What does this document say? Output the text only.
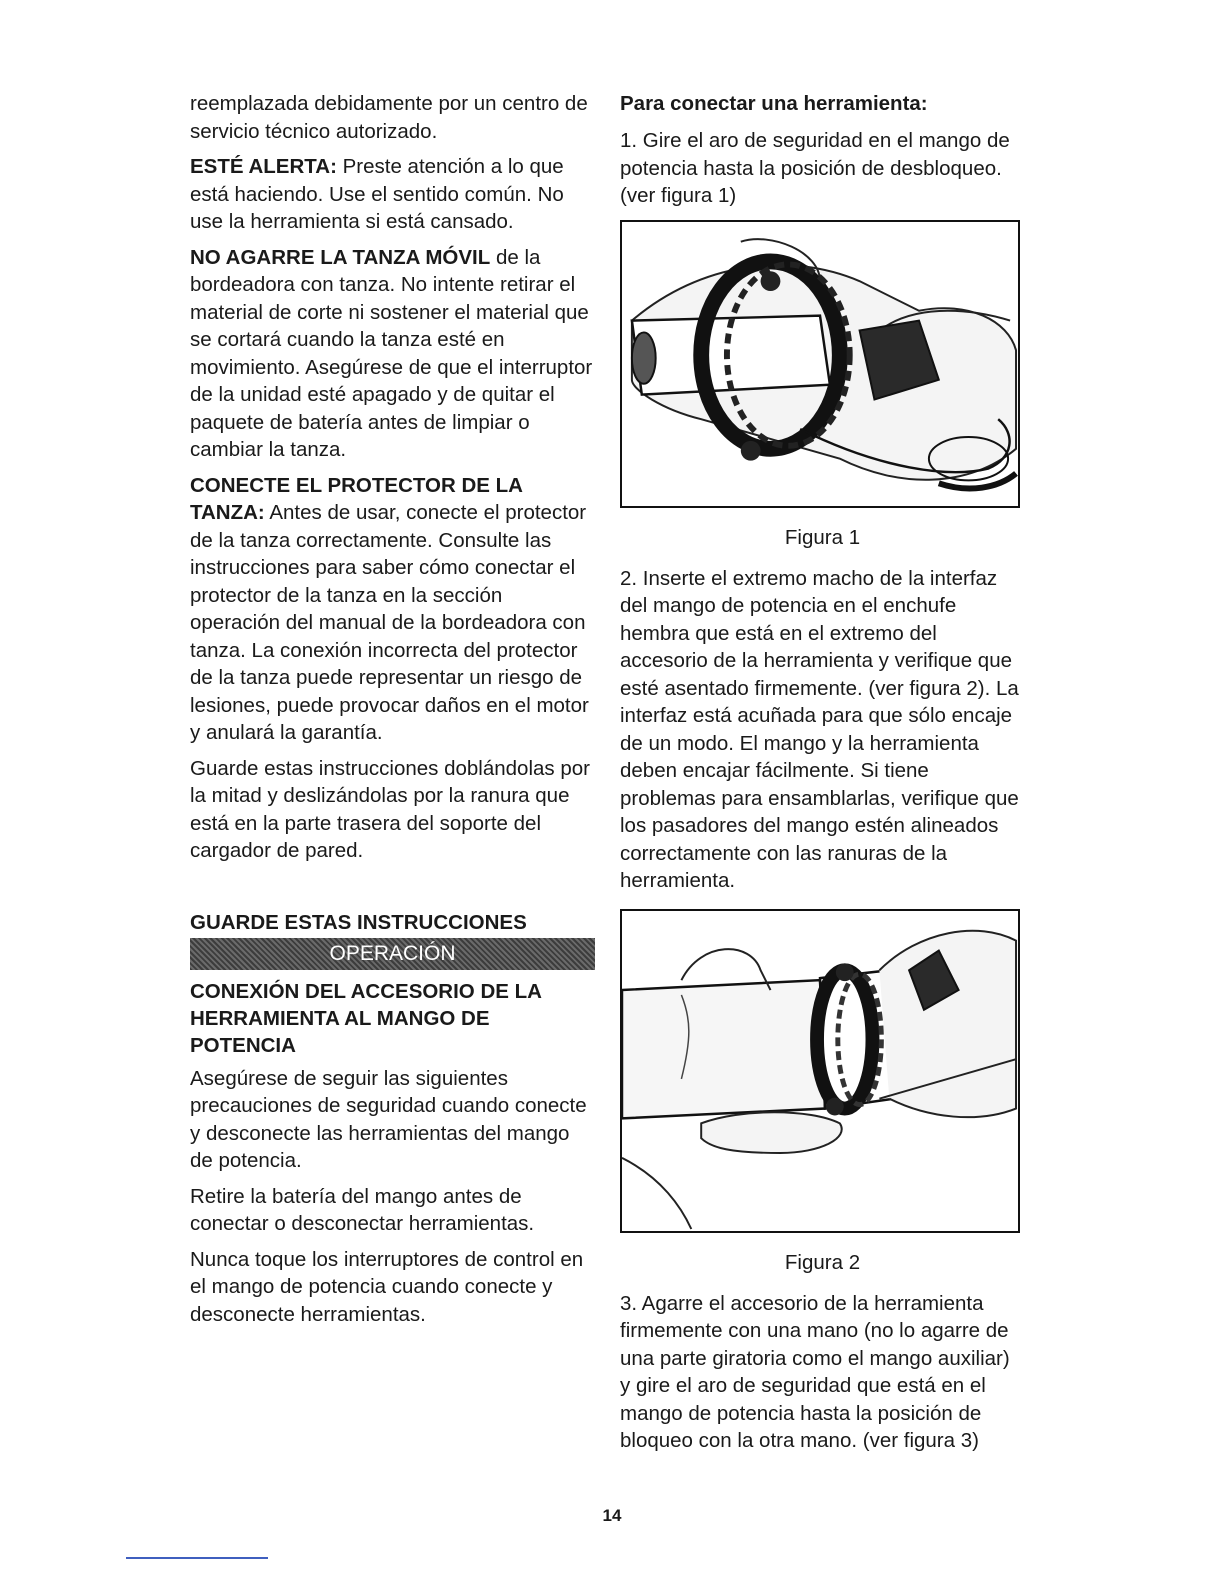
reemplazada debidamente por un centro de servicio técnico autorizado.

ESTÉ ALERTA: Preste atención a lo que está haciendo. Use el sentido común. No use la herramienta si está cansado.

NO AGARRE LA TANZA MÓVIL de la bordeadora con tanza. No intente retirar el material de corte ni sostener el material que se cortará cuando la tanza esté en movimiento. Asegúrese de que el interruptor de la unidad esté apagado y de quitar el paquete de batería antes de limpiar o cambiar la tanza.

CONECTE EL PROTECTOR DE LA TANZA: Antes de usar, conecte el protector de la tanza correctamente. Consulte las instrucciones para saber cómo conectar el protector de la tanza en la sección operación del manual de la bordeadora con tanza. La conexión incorrecta del protector de la tanza puede representar un riesgo de lesiones, puede provocar daños en el motor y anulará la garantía.

Guarde estas instrucciones doblándolas por la mitad y deslizándolas por la ranura que está en la parte trasera del soporte del cargador de pared.

GUARDE ESTAS INSTRUCCIONES
OPERACIÓN
CONEXIÓN DEL ACCESORIO DE LA HERRAMIENTA AL MANGO DE POTENCIA

Asegúrese de seguir las siguientes precauciones de seguridad cuando conecte y desconecte las herramientas del mango de potencia.

Retire la batería del mango antes de conectar o desconectar herramientas.

Nunca toque los interruptores de control en el mango de potencia cuando conecte y desconecte herramientas.

Para conectar una herramienta:

1. Gire el aro de seguridad en el mango de potencia hasta la posición de desbloqueo. (ver figura 1)

Figura 1

2. Inserte el extremo macho de la interfaz del mango de potencia en el enchufe hembra que está en el extremo del accesorio de la herramienta y verifique que esté asentado firmemente. (ver figura 2). La interfaz está acuñada para que sólo encaje de un modo. El mango y la herramienta deben encajar fácilmente. Si tiene problemas para ensamblarlas, verifique que los pasadores del mango estén alineados correctamente con las ranuras de la herramienta.

Figura 2

3. Agarre el accesorio de la herramienta firmemente con una mano (no lo agarre de una parte giratoria como el mango auxiliar) y gire el aro de seguridad que está en el mango de potencia hasta la posición de bloqueo con la otra mano. (ver figura 3)

14
